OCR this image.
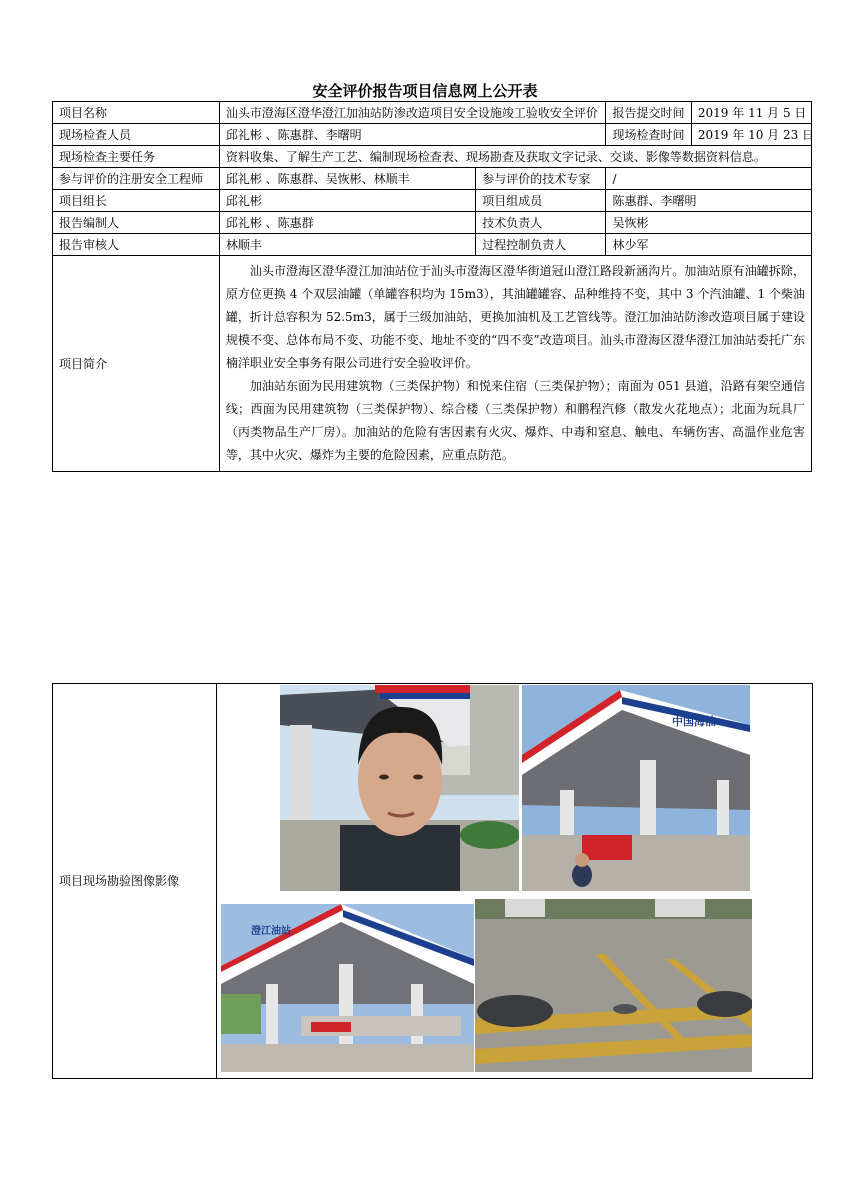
安全评价报告项目信息网上公开表
项目名称	汕头市澄海区澄华澄江加油站防渗改造项目安全设施竣工验收安全评价		报告提交时间	2019 年 11 月 5 日
现场检查人员	邱礼彬 、陈惠群、李曙明		现场检查时间	2019 年 10 月 23 日
现场检查主要任务	资料收集、了解生产工艺、编制现场检查表、现场勘查及获取文字记录、交谈、影像等数据资料信息。			
参与评价的注册安全工程师	邱礼彬 、陈惠群、吴恢彬、林顺丰	参与评价的技术专家	/	
项目组长	邱礼彬	项目组成员	陈惠群、李曙明	
报告编制人	邱礼彬 、陈惠群	技术负责人	吴恢彬	
报告审核人	林顺丰	过程控制负责人	林少军	
项目简介	汕头市澄海区澄华澄江加油站位于汕头市澄海区澄华街道冠山澄江路段新涵沟片。加油站原有油罐拆除，原方位更换 4 个双层油罐（单罐容积均为 15m3），其油罐罐容、品种维持不变，其中 3 个汽油罐、1 个柴油罐，折计总容积为 52.5m3，属于三级加油站，更换加油机及工艺管线等。澄江加油站防渗改造项目属于建设规模不变、总体布局不变、功能不变、地址不变的“四不变”改造项目。汕头市澄海区澄华澄江加油站委托广东楠洋职业安全事务有限公司进行安全验收评价。

加油站东面为民用建筑物（三类保护物）和悦来住宿（三类保护物）；南面为 051 县道，沿路有架空通信线；西面为民用建筑物（三类保护物）、综合楼（三类保护物）和鹏程汽修（散发火花地点）；北面为玩具厂（丙类物品生产厂房）。加油站的危险有害因素有火灾、爆炸、中毒和窒息、触电、车辆伤害、高温作业危害等，其中火灾、爆炸为主要的危险因素，应重点防范。			

项目现场勘验图像影像	
中国海油
澄江油站
